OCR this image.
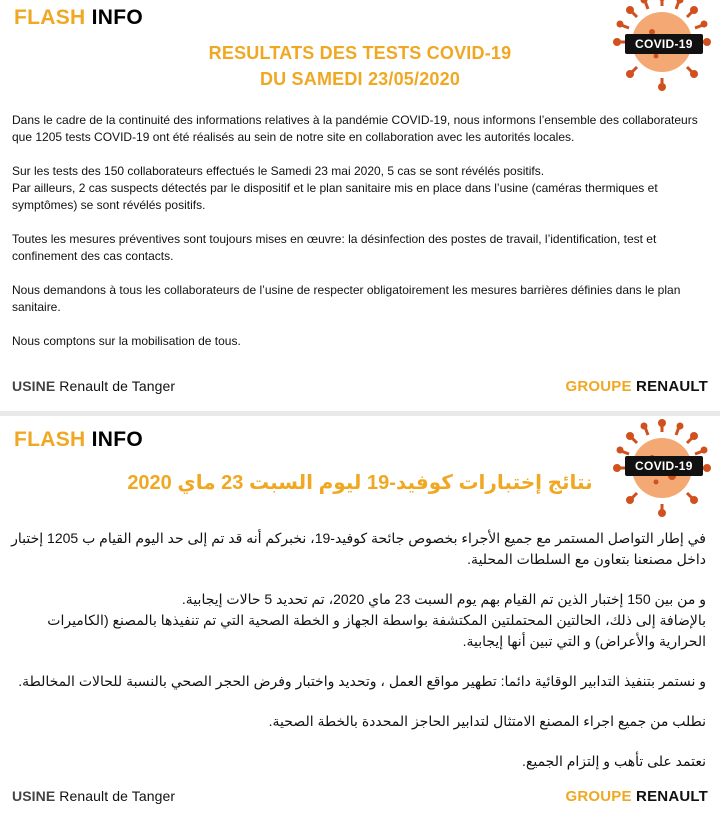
FLASH INFO
COVID-19
RESULTATS DES TESTS COVID-19
DU SAMEDI 23/05/2020

Dans le cadre de la continuité des informations relatives à la pandémie COVID-19, nous informons l’ensemble des collaborateurs que 1205 tests COVID-19 ont été réalisés au sein de notre site en collaboration avec les autorités locales.

Sur les tests des 150 collaborateurs effectués le Samedi 23 mai 2020, 5 cas se sont révélés positifs.

Par ailleurs, 2 cas suspects détectés par le dispositif et le plan sanitaire mis en place dans l’usine (caméras thermiques et symptômes) se sont révélés positifs.

Toutes les mesures préventives sont toujours mises en œuvre: la désinfection des postes de travail, l’identification, test et confinement des cas contacts.

Nous demandons à tous les collaborateurs de l’usine de respecter obligatoirement les mesures barrières définies dans le plan sanitaire.

Nous comptons sur la mobilisation de tous.

USINE Renault de Tanger	GROUPE RENAULT
FLASH INFO
COVID-19
نتائج إختبارات كوفيد-19 ليوم السبت 23 ماي 2020

في إطار التواصل المستمر مع جميع الأجراء بخصوص جائحة كوفيد-19، نخبركم أنه قد تم إلى حد اليوم القيام ب 1205 إختبار داخل مصنعنا بتعاون مع السلطات المحلية.

و من بين 150 إختبار الذين تم القيام بهم يوم السبت 23 ماي 2020، تم تحديد 5 حالات إيجابية.

بالإضافة إلى ذلك، الحالتين المحتملتين المكتشفة بواسطة الجهاز و الخطة الصحية التي تم تنفيذها بالمصنع (الكاميرات الحرارية والأعراض) و التي تبين أنها إيجابية.

و نستمر بتنفيذ التدابير الوقائية دائما: تطهير مواقع العمل ، وتحديد واختبار وفرض الحجر الصحي بالنسبة للحالات المخالطة.

نطلب من جميع اجراء المصنع الامتثال لتدابير الحاجز المحددة بالخطة الصحية.

نعتمد على تأهب و إلتزام الجميع.

USINE Renault de Tanger	GROUPE RENAULT
